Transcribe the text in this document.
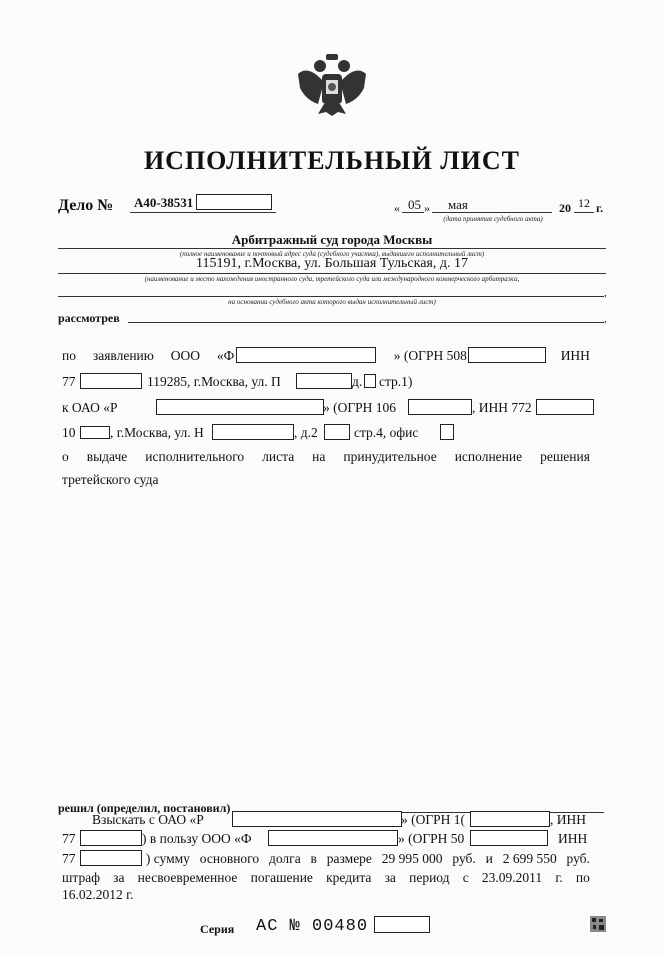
ИСПОЛНИТЕЛЬНЫЙ ЛИСТ
Дело № А40-38531	« 05 » мая	20 12 г.
(дата принятия судебного акта)
Арбитражный суд города Москвы
(полное наименование и почтовый адрес суда (судебного участка), выдавшего исполнительный лист)
115191, г.Москва, ул. Большая Тульская, д. 17
(наименование и место нахождения иностранного суда, третейского суда или международного коммерческого арбитража,
,
на основании судебного акта которого выдан исполнительный лист)
рассмотрев	,
по заявлению ООО «Ф	» (ОГРН 508	ИНН
77	119285, г.Москва, ул. П	д. стр.1)
к ОАО «Р	» (ОГРН 106	, ИНН 772
10	, г.Москва, ул. Н	, д.2	стр.4, офис
о выдаче исполнительного листа на принудительное исполнение решения
третейского суда
решил (определил, постановил)
Взыскать с ОАО «Р	» (ОГРН 1(	, ИНН
77	) в пользу ООО «Ф	» (ОГРН 50	ИНН
77	) сумму основного долга в размере 29 995 000 руб. и 2 699 550 руб.
штраф за несвоевременное погашение кредита за период с 23.09.2011 г. по
16.02.2012 г.
Серия АС № 00480
